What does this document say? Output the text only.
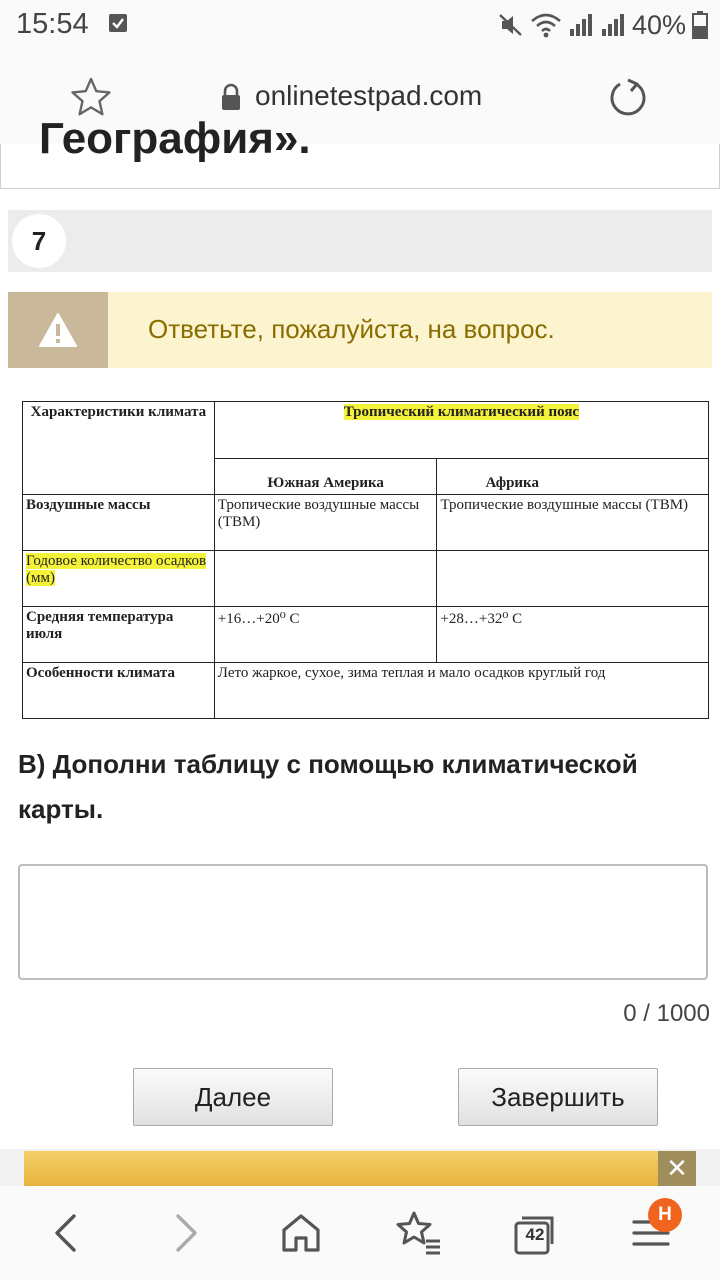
15:54	40%
onlinetestpad.com
География».
7
Ответьте, пожалуйста, на вопрос.
Характеристики климата	Тропический климатический пояс	
	Южная Америка	Африка
Воздушные массы	Тропические воздушные массы (ТВМ)	Тропические воздушные массы (ТВМ)
Годовое количество осадков (мм)		
Средняя температура июля	+16…+20⁰ С	+28…+32⁰ С
Особенности климата	Лето жаркое, сухое, зима теплая и мало осадков круглый год	
В) Дополни таблицу с помощью климатической карты.
0 / 1000
Далее	Завершить
✕
42
H
